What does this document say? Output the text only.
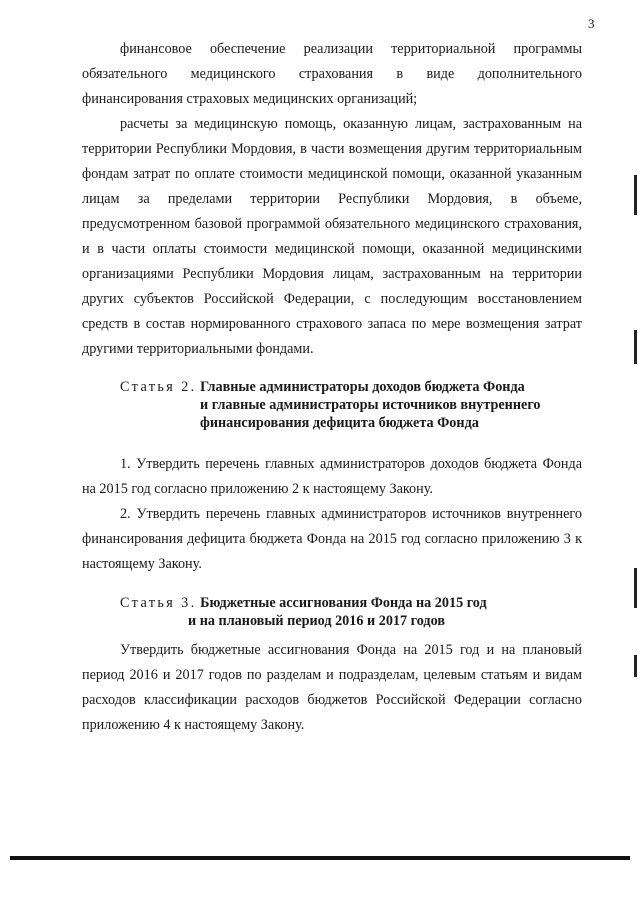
3
финансовое обеспечение реализации территориальной программы обязательного медицинского страхования в виде дополнительного финансирования страховых медицинских организаций;
расчеты за медицинскую помощь, оказанную лицам, застрахованным на территории Республики Мордовия, в части возмещения другим территориальным фондам затрат по оплате стоимости медицинской помощи, оказанной указанным лицам за пределами территории Республики Мордовия, в объеме, предусмотренном базовой программой обязательного медицинского страхования, и в части оплаты стоимости медицинской помощи, оказанной медицинскими организациями Республики Мордовия лицам, застрахованным на территории других субъектов Российской Федерации, с последующим восстановлением средств в состав нормированного страхового запаса по мере возмещения затрат другими территориальными фондами.
Статья 2. Главные администраторы доходов бюджета Фонда
и главные администраторы источников внутреннего
финансирования дефицита бюджета Фонда
1. Утвердить перечень главных администраторов доходов бюджета Фонда на 2015 год согласно приложению 2 к настоящему Закону.
2. Утвердить перечень главных администраторов источников внутреннего финансирования дефицита бюджета Фонда на 2015 год согласно приложению 3 к настоящему Закону.
Статья 3. Бюджетные ассигнования Фонда на 2015 год
и на плановый период 2016 и 2017 годов
Утвердить бюджетные ассигнования Фонда на 2015 год и на плановый период 2016 и 2017 годов по разделам и подразделам, целевым статьям и видам расходов классификации расходов бюджетов Российской Федерации согласно приложению 4 к настоящему Закону.
